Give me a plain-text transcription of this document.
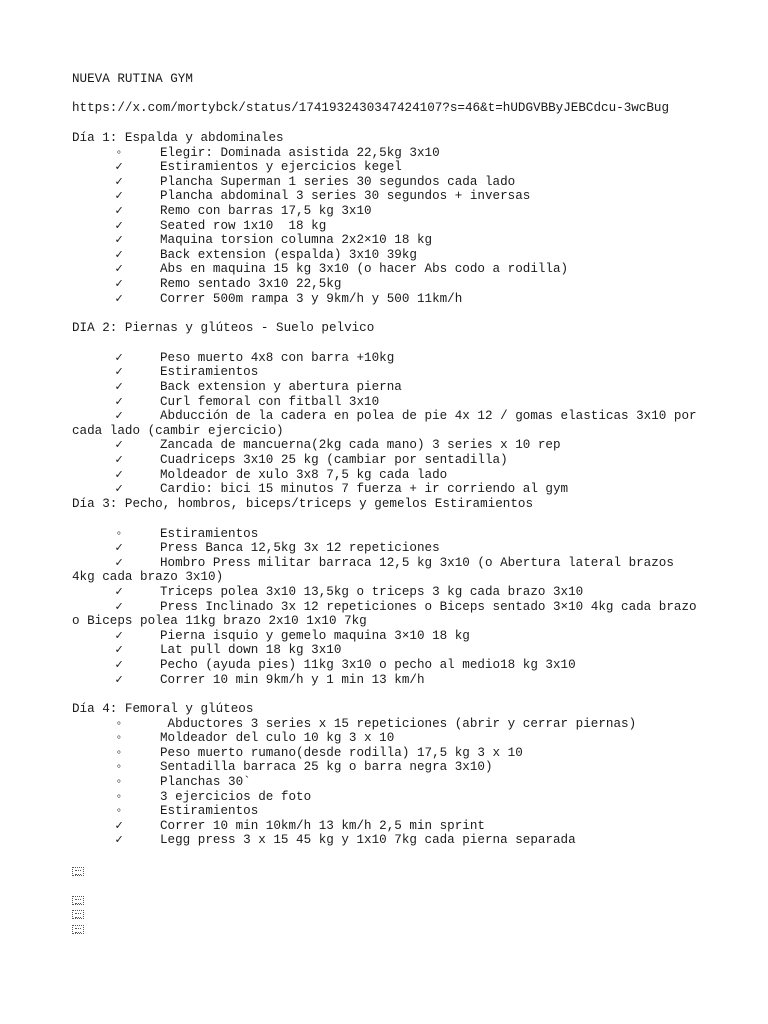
NUEVA RUTINA GYM
https://x.com/mortybck/status/1741932430347424107?s=46&t=hUDGVBByJEBCdcu-3wcBug
Día 1: Espalda y abdominales
◦	Elegir: Dominada asistida 22,5kg 3x10
✓	Estiramientos y ejercicios kegel
✓	Plancha Superman 1 series 30 segundos cada lado
✓	Plancha abdominal 3 series 30 segundos + inversas
✓	Remo con barras 17,5 kg 3x10
✓	Seated row 1x10  18 kg
✓	Maquina torsion columna 2x2×10 18 kg
✓	Back extension (espalda) 3x10 39kg
✓	Abs en maquina 15 kg 3x10 (o hacer Abs codo a rodilla)
✓	Remo sentado 3x10 22,5kg
✓	Correr 500m rampa 3 y 9km/h y 500 11km/h
DIA 2: Piernas y glúteos - Suelo pelvico
✓	Peso muerto 4x8 con barra +10kg
✓	Estiramientos
✓	Back extension y abertura pierna
✓	Curl femoral con fitball 3x10
✓	Abducción de la cadera en polea de pie 4x 12 / gomas elasticas 3x10 por
cada lado (cambir ejercicio)
✓	Zancada de mancuerna(2kg cada mano) 3 series x 10 rep
✓	Cuadriceps 3x10 25 kg (cambiar por sentadilla)
✓	Moldeador de xulo 3x8 7,5 kg cada lado
✓	Cardio: bici 15 minutos 7 fuerza + ir corriendo al gym
Día 3: Pecho, hombros, biceps/triceps y gemelos Estiramientos
◦	Estiramientos
✓	Press Banca 12,5kg 3x 12 repeticiones
✓	Hombro Press militar barraca 12,5 kg 3x10 (o Abertura lateral brazos
4kg cada brazo 3x10)
✓	Triceps polea 3x10 13,5kg o triceps 3 kg cada brazo 3x10
✓	Press Inclinado 3x 12 repeticiones o Biceps sentado 3×10 4kg cada brazo
o Biceps polea 11kg brazo 2x10 1x10 7kg
✓	Pierna isquio y gemelo maquina 3×10 18 kg
✓	Lat pull down 18 kg 3x10
✓	Pecho (ayuda pies) 11kg 3x10 o pecho al medio18 kg 3x10
✓	Correr 10 min 9km/h y 1 min 13 km/h
Día 4: Femoral y glúteos
◦	Abductores 3 series x 15 repeticiones (abrir y cerrar piernas)
◦	Moldeador del culo 10 kg 3 x 10
◦	Peso muerto rumano(desde rodilla) 17,5 kg 3 x 10
◦	Sentadilla barraca 25 kg o barra negra 3x10)
◦	Planchas 30`
◦	3 ejercicios de foto
◦	Estiramientos
✓	Correr 10 min 10km/h 13 km/h 2,5 min sprint
✓	Legg press 3 x 15 45 kg y 1x10 7kg cada pierna separada
